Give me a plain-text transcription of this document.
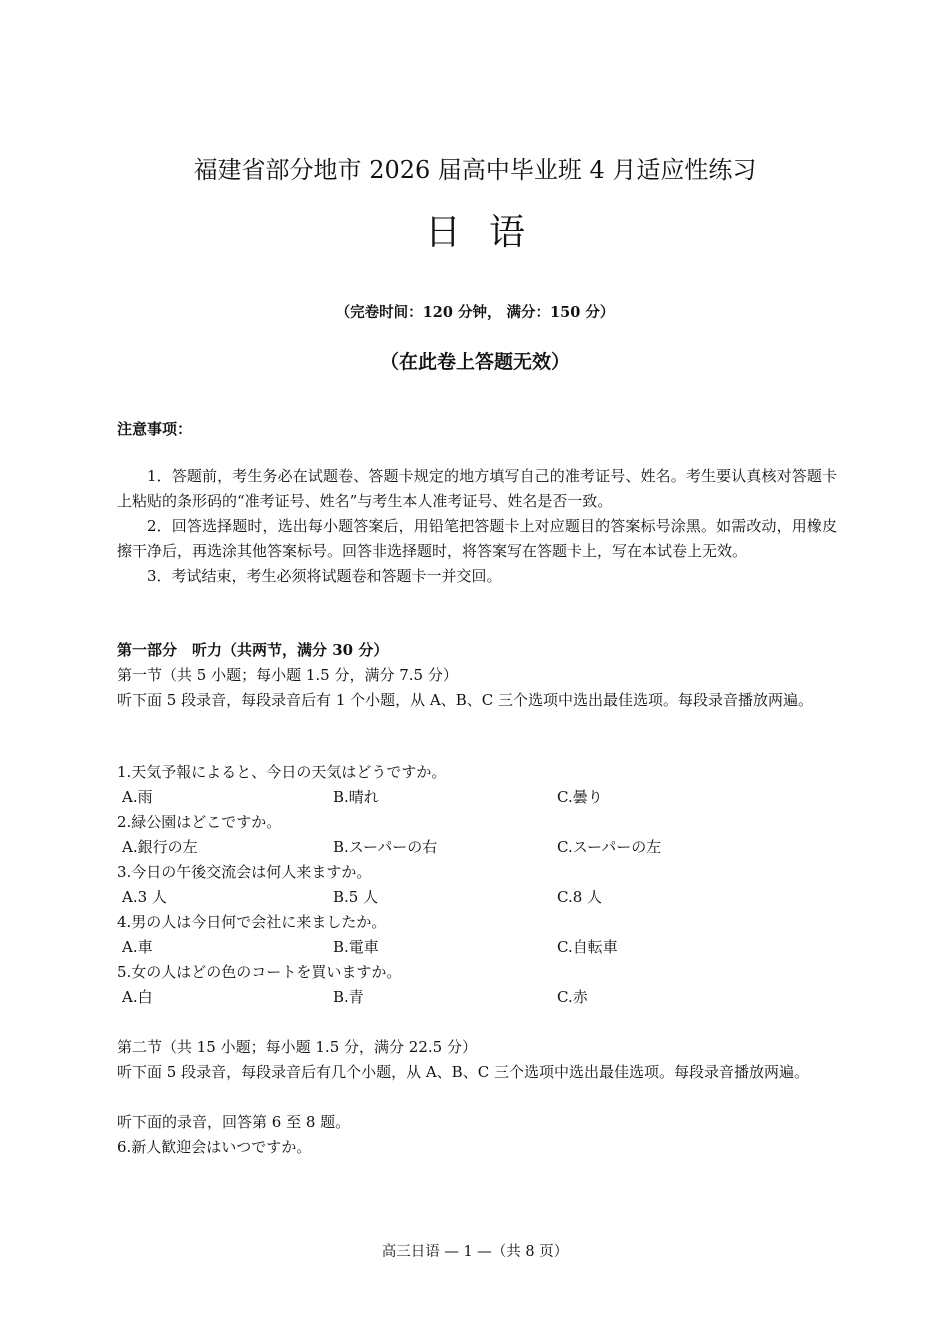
福建省部分地市 2026 届高中毕业班 4 月适应性练习
日语
（完卷时间：120 分钟， 满分：150 分）
（在此卷上答题无效）
注意事项：

1．答题前，考生务必在试题卷、答题卡规定的地方填写自己的准考证号、姓名。考生要认真核对答题卡上粘贴的条形码的“准考证号、姓名”与考生本人准考证号、姓名是否一致。

2．回答选择题时，选出每小题答案后，用铅笔把答题卡上对应题目的答案标号涂黑。如需改动，用橡皮擦干净后，再选涂其他答案标号。回答非选择题时，将答案写在答题卡上，写在本试卷上无效。

3．考试结束，考生必须将试题卷和答题卡一并交回。

第一部分　听力（共两节，满分 30 分）

第一节（共 5 小题；每小题 1.5 分，满分 7.5 分）

听下面 5 段录音，每段录音后有 1 个小题，从 A、B、C 三个选项中选出最佳选项。每段录音播放两遍。

1.天気予報によると、今日の天気はどうですか。

A.雨	B.晴れ	C.曇り

2.緑公園はどこですか。

A.銀行の左	B.スーパーの右	C.スーパーの左

3.今日の午後交流会は何人来ますか。

A.3 人	B.5 人	C.8 人

4.男の人は今日何で会社に来ましたか。

A.車	B.電車	C.自転車

5.女の人はどの色のコートを買いますか。

A.白	B.青	C.赤

第二节（共 15 小题；每小题 1.5 分，满分 22.5 分）

听下面 5 段录音，每段录音后有几个小题，从 A、B、C 三个选项中选出最佳选项。每段录音播放两遍。

听下面的录音，回答第 6 至 8 题。

6.新人歓迎会はいつですか。

高三日语 — 1 —（共 8 页）
